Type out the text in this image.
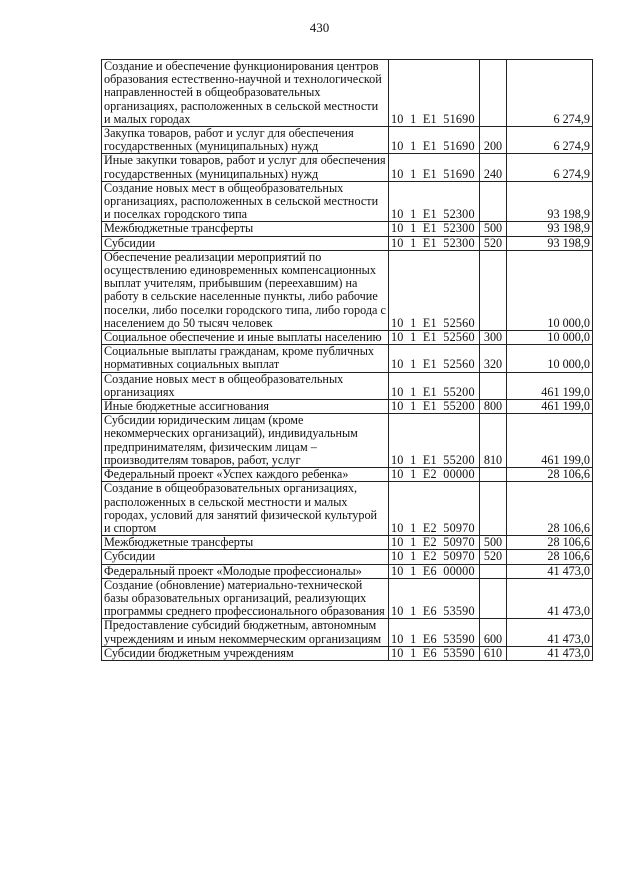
430
Создание и обеспечение функционирования центров образования естественно-научной и технологической направленностей в общеобразовательных организациях, расположенных в сельской местности и малых городах	10  1  Е1  51690		6 274,9
Закупка товаров, работ и услуг для обеспечения государственных (муниципальных) нужд	10  1  Е1  51690	200	6 274,9
Иные закупки товаров, работ и услуг для обеспечения государственных (муниципальных) нужд	10  1  Е1  51690	240	6 274,9
Создание новых мест в общеобразовательных организациях, расположенных в сельской местности и поселках городского типа	10  1  Е1  52300		93 198,9
Межбюджетные трансферты	10  1  Е1  52300	500	93 198,9
Субсидии	10  1  Е1  52300	520	93 198,9
Обеспечение реализации мероприятий по осуществлению единовременных компенсационных выплат учителям, прибывшим (переехавшим) на работу в сельские населенные пункты, либо рабочие поселки, либо поселки городского типа, либо города с населением до 50 тысяч человек	10  1  Е1  52560		10 000,0
Социальное обеспечение и иные выплаты населению	10  1  Е1  52560	300	10 000,0
Социальные выплаты гражданам, кроме публичных нормативных социальных выплат	10  1  Е1  52560	320	10 000,0
Создание новых мест в общеобразовательных организациях	10  1  Е1  55200		461 199,0
Иные бюджетные ассигнования	10  1  Е1  55200	800	461 199,0
Субсидии юридическим лицам (кроме некоммерческих организаций), индивидуальным предпринимателям, физическим лицам – производителям товаров, работ, услуг	10  1  Е1  55200	810	461 199,0
Федеральный проект «Успех каждого ребенка»	10  1  Е2  00000		28 106,6
Создание в общеобразовательных организациях, расположенных в сельской местности и малых городах, условий для занятий физической культурой и спортом	10  1  Е2  50970		28 106,6
Межбюджетные трансферты	10  1  Е2  50970	500	28 106,6
Субсидии	10  1  Е2  50970	520	28 106,6
Федеральный проект «Молодые профессионалы»	10  1  Е6  00000		41 473,0
Создание (обновление) материально-технической базы образовательных организаций, реализующих программы среднего профессионального образования	10  1  Е6  53590		41 473,0
Предоставление субсидий бюджетным, автономным учреждениям и иным некоммерческим организациям	10  1  Е6  53590	600	41 473,0
Субсидии бюджетным учреждениям	10  1  Е6  53590	610	41 473,0
